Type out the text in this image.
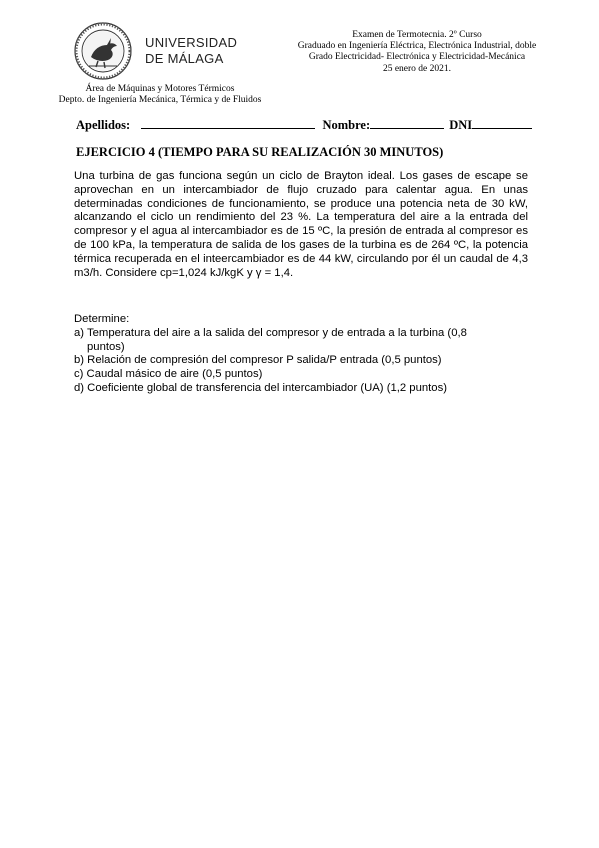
UNIVERSIDAD
DE MÁLAGA
Examen de Termotecnia. 2º Curso
Graduado en Ingeniería Eléctrica, Electrónica Industrial, doble
Grado Electricidad- Electrónica y Electricidad-Mecánica
25 enero de 2021.
Área de Máquinas y Motores Térmicos
Depto. de Ingeniería Mecánica, Térmica y de Fluidos
Apellidos:	Nombre:	DNI
EJERCICIO 4 (TIEMPO PARA SU REALIZACIÓN 30 MINUTOS)
Una turbina de gas funciona según un ciclo de Brayton ideal. Los gases de escape se aprovechan en un intercambiador de flujo cruzado para calentar agua. En unas determinadas condiciones de funcionamiento, se produce una potencia neta de 30 kW, alcanzando el ciclo un rendimiento del 23 %. La temperatura del aire a la entrada del compresor y el agua al intercambiador es de 15 ºC, la presión de entrada al compresor es de 100 kPa, la temperatura de salida de los gases de la turbina es de 264 ºC, la potencia térmica recuperada en el inteercambiador es de 44 kW, circulando por él un caudal de 4,3 m3/h. Considere cp=1,024 kJ/kgK y γ = 1,4.

Determine:

a) Temperatura del aire a la salida del compresor y de entrada a la turbina (0,8 puntos)
b) Relación de compresión del compresor P salida/P entrada (0,5 puntos)
c) Caudal másico de aire (0,5 puntos)
d) Coeficiente global de transferencia del intercambiador (UA) (1,2 puntos)
